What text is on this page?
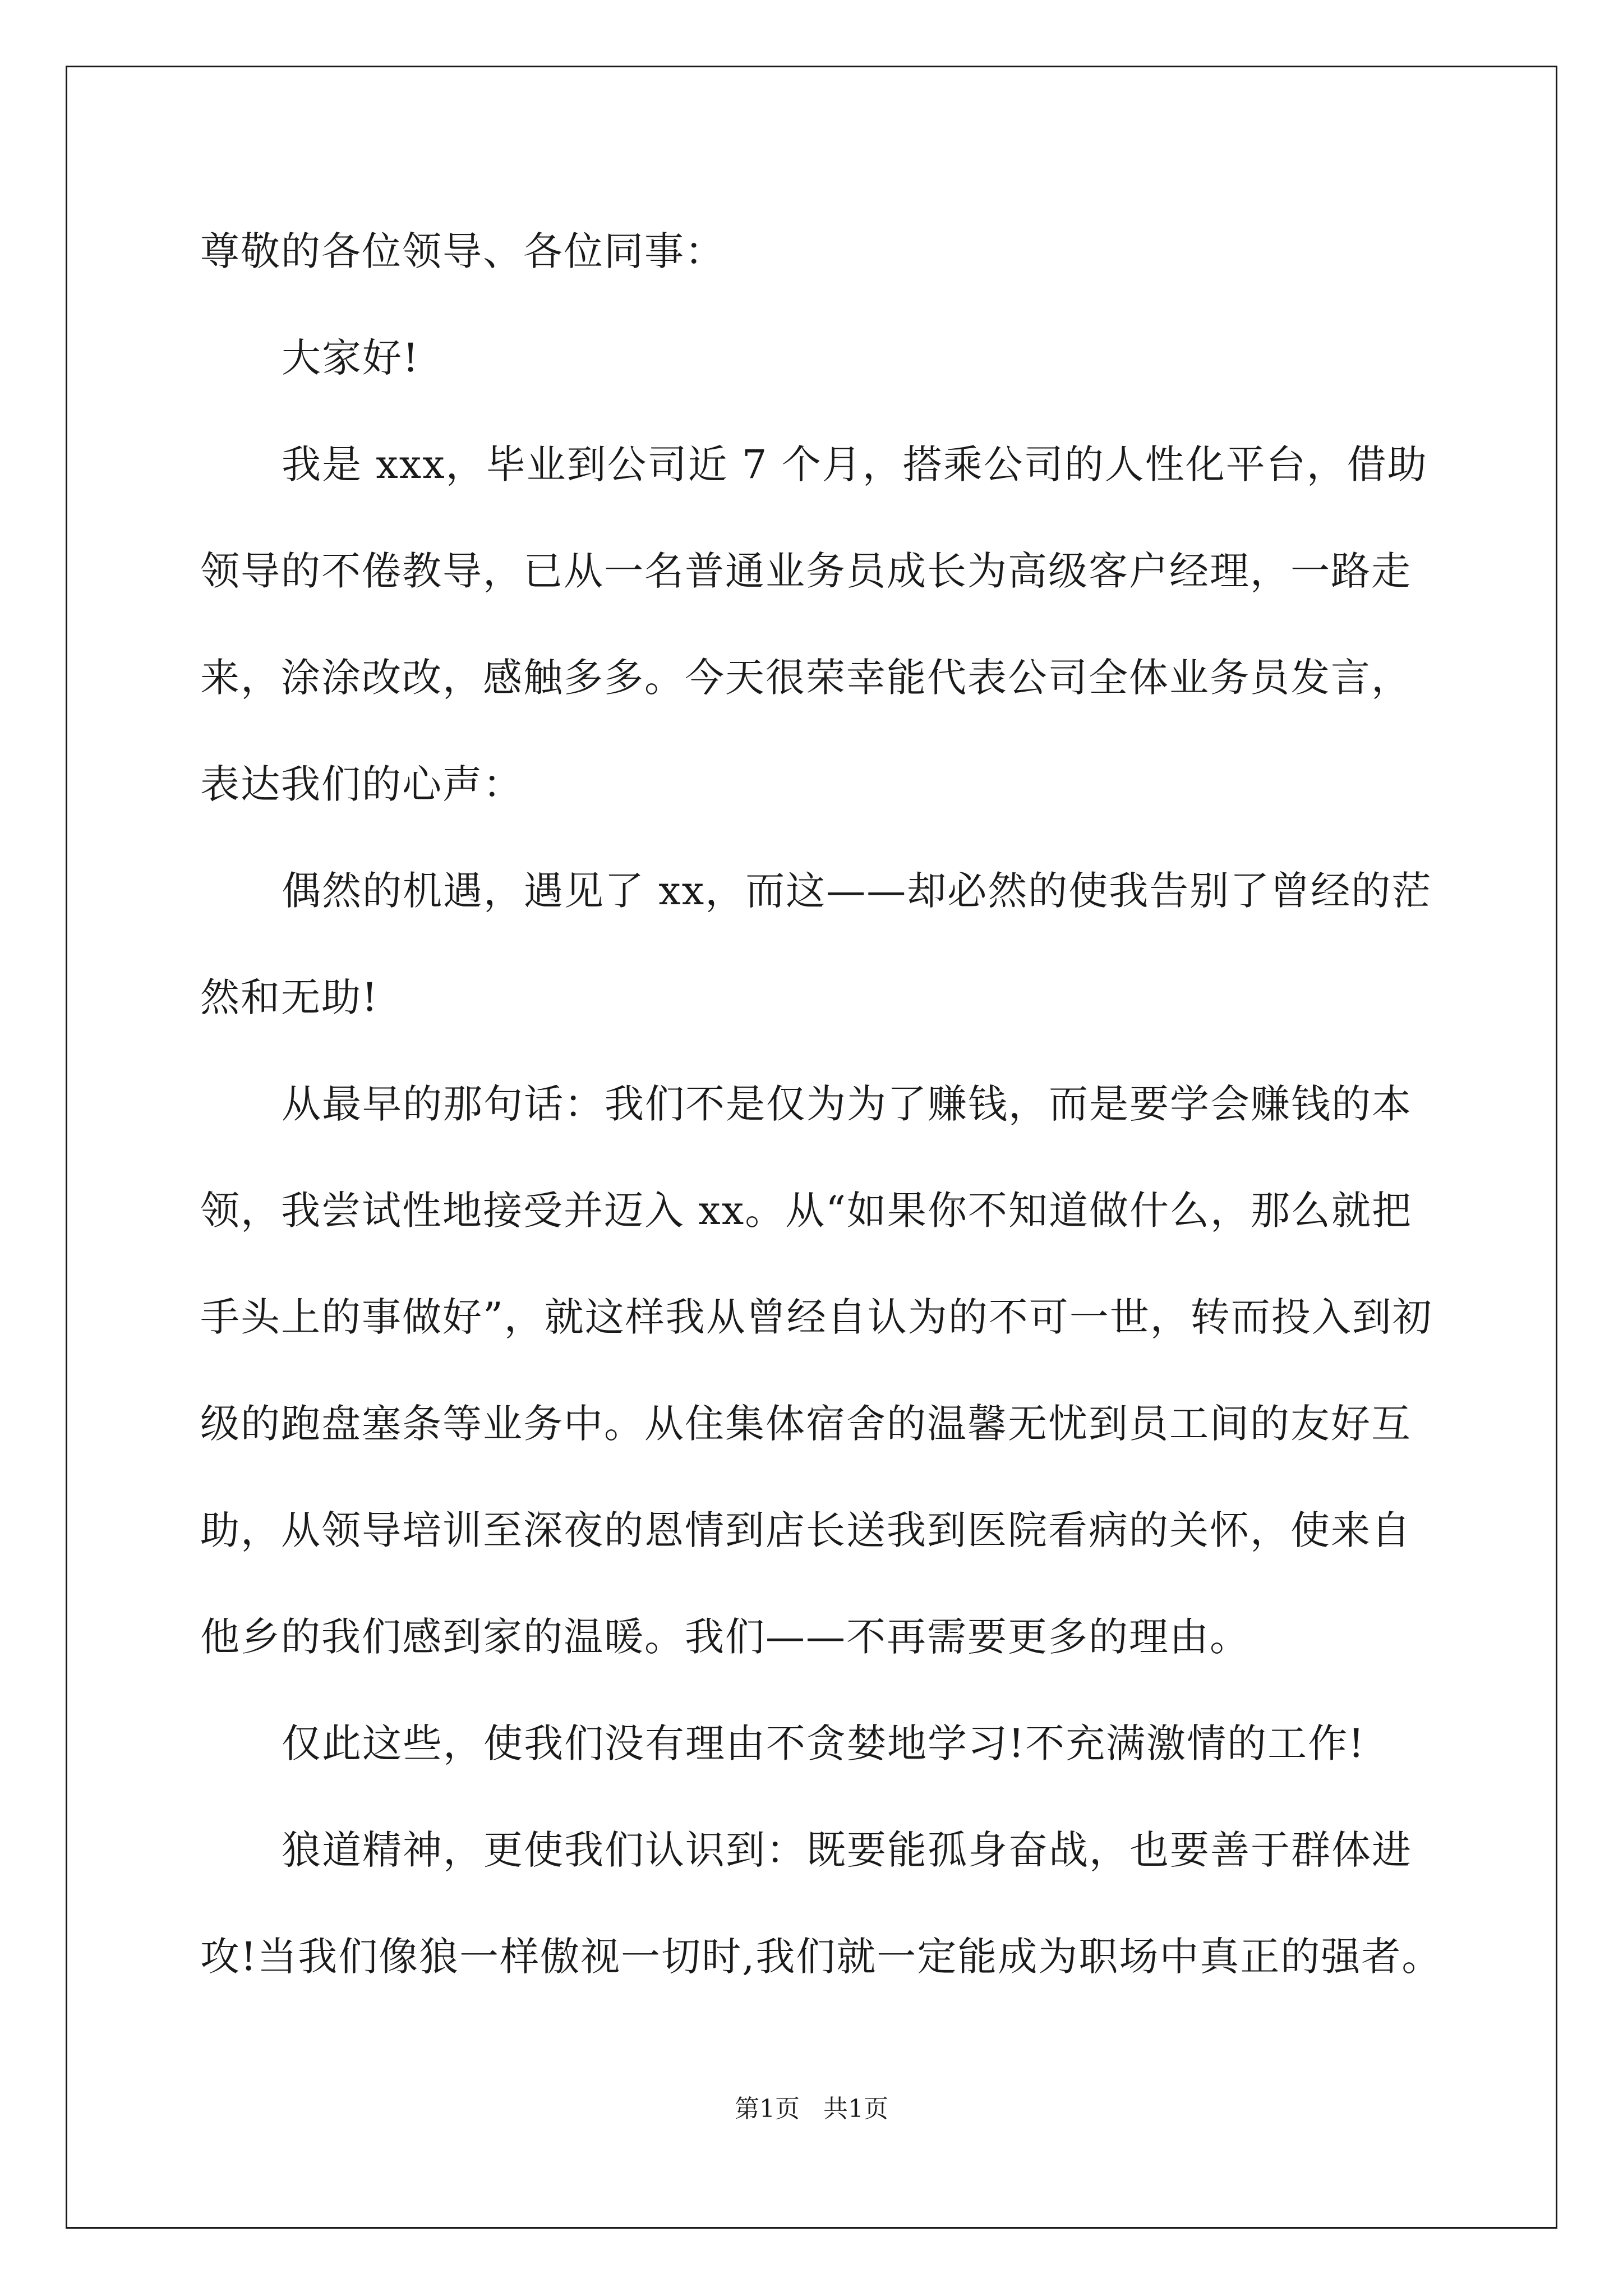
尊敬的各位领导、各位同事：
大家好!
我是 xxx，毕业到公司近 7 个月，搭乘公司的人性化平台，借助
领导的不倦教导，已从一名普通业务员成长为高级客户经理，一路走
来，涂涂改改，感触多多。今天很荣幸能代表公司全体业务员发言，
表达我们的心声：
偶然的机遇，遇见了 xx，而这——却必然的使我告别了曾经的茫
然和无助!
从最早的那句话：我们不是仅为为了赚钱，而是要学会赚钱的本
领，我尝试性地接受并迈入 xx。从“如果你不知道做什么，那么就把
手头上的事做好”，就这样我从曾经自认为的不可一世，转而投入到初
级的跑盘塞条等业务中。从住集体宿舍的温馨无忧到员工间的友好互
助，从领导培训至深夜的恩情到店长送我到医院看病的关怀，使来自
他乡的我们感到家的温暖。我们——不再需要更多的理由。
仅此这些，使我们没有理由不贪婪地学习!不充满激情的工作!
狼道精神，更使我们认识到：既要能孤身奋战，也要善于群体进
攻!当我们像狼一样傲视一切时,我们就一定能成为职场中真正的强者。
第1页   共1页
